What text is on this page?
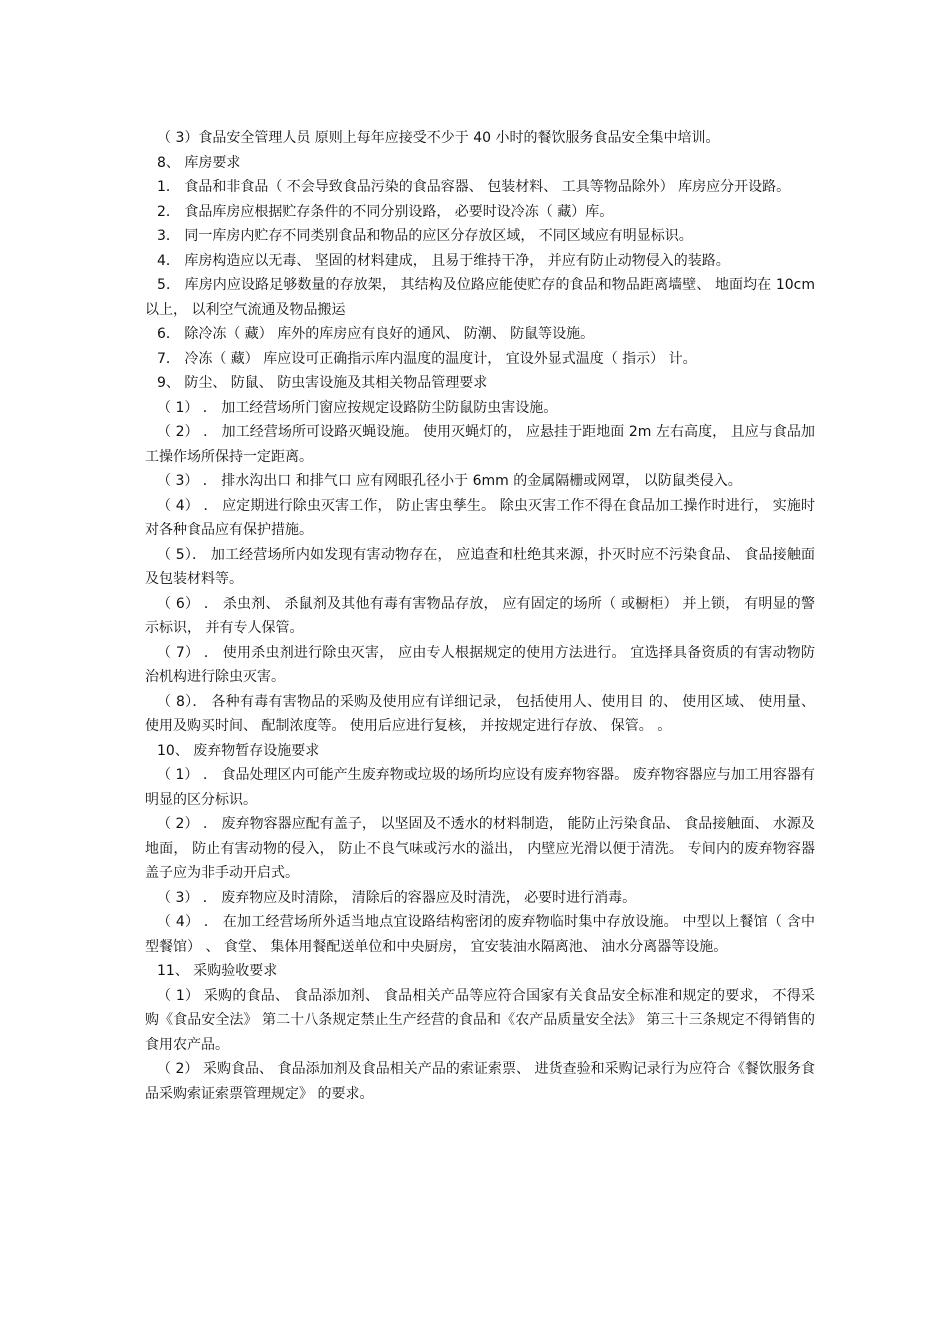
（ 3）食品安全管理人员 原则上每年应接受不少于 40 小时的餐饮服务食品安全集中培训。

8、 库房要求

1． 食品和非食品（ 不会导致食品污染的食品容器、 包装材料、 工具等物品除外） 库房应分开设路。

2． 食品库房应根据贮存条件的不同分别设路， 必要时设冷冻（ 藏）库。

3． 同一库房内贮存不同类别食品和物品的应区分存放区域， 不同区域应有明显标识。

4． 库房构造应以无毒、 坚固的材料建成， 且易于维持干净， 并应有防止动物侵入的装路。

5． 库房内应设路足够数量的存放架， 其结构及位路应能使贮存的食品和物品距离墙壁、 地面均在 10cm 以上， 以利空气流通及物品搬运

6． 除冷冻（ 藏） 库外的库房应有良好的通风、 防潮、 防鼠等设施。

7． 冷冻（ 藏） 库应设可正确指示库内温度的温度计， 宜设外显式温度（ 指示） 计。

9、 防尘、 防鼠、 防虫害设施及其相关物品管理要求

（ 1） ． 加工经营场所门窗应按规定设路防尘防鼠防虫害设施。

（ 2） ． 加工经营场所可设路灭蝇设施。 使用灭蝇灯的， 应悬挂于距地面 2m 左右高度， 且应与食品加工操作场所保持一定距离。

（ 3） ． 排水沟出口 和排气口 应有网眼孔径小于 6mm 的金属隔栅或网罩， 以防鼠类侵入。

（ 4） ． 应定期进行除虫灭害工作， 防止害虫孳生。 除虫灭害工作不得在食品加工操作时进行， 实施时对各种食品应有保护措施。

（ 5）． 加工经营场所内如发现有害动物存在， 应追查和杜绝其来源，扑灭时应不污染食品、 食品接触面及包装材料等。

（ 6） ． 杀虫剂、 杀鼠剂及其他有毒有害物品存放， 应有固定的场所（ 或橱柜） 并上锁， 有明显的警示标识， 并有专人保管。

（ 7） ． 使用杀虫剂进行除虫灭害， 应由专人根据规定的使用方法进行。 宜选择具备资质的有害动物防治机构进行除虫灭害。

（ 8）． 各种有毒有害物品的采购及使用应有详细记录， 包括使用人、使用目 的、 使用区域、 使用量、 使用及购买时间、 配制浓度等。 使用后应进行复核， 并按规定进行存放、 保管。 。

10、 废弃物暂存设施要求

（ 1） ． 食品处理区内可能产生废弃物或垃圾的场所均应设有废弃物容器。 废弃物容器应与加工用容器有明显的区分标识。

（ 2） ． 废弃物容器应配有盖子， 以坚固及不透水的材料制造， 能防止污染食品、 食品接触面、 水源及地面， 防止有害动物的侵入， 防止不良气味或污水的溢出， 内壁应光滑以便于清洗。 专间内的废弃物容器盖子应为非手动开启式。

（ 3） ． 废弃物应及时清除， 清除后的容器应及时清洗， 必要时进行消毒。

（ 4） ． 在加工经营场所外适当地点宜设路结构密闭的废弃物临时集中存放设施。 中型以上餐馆（ 含中型餐馆） 、 食堂、 集体用餐配送单位和中央厨房， 宜安装油水隔离池、 油水分离器等设施。

11、 采购验收要求

（ 1） 采购的食品、 食品添加剂、 食品相关产品等应符合国家有关食品安全标准和规定的要求， 不得采购《食品安全法》 第二十八条规定禁止生产经营的食品和《农产品质量安全法》 第三十三条规定不得销售的食用农产品。

（ 2） 采购食品、 食品添加剂及食品相关产品的索证索票、 进货查验和采购记录行为应符合《餐饮服务食品采购索证索票管理规定》 的要求。
